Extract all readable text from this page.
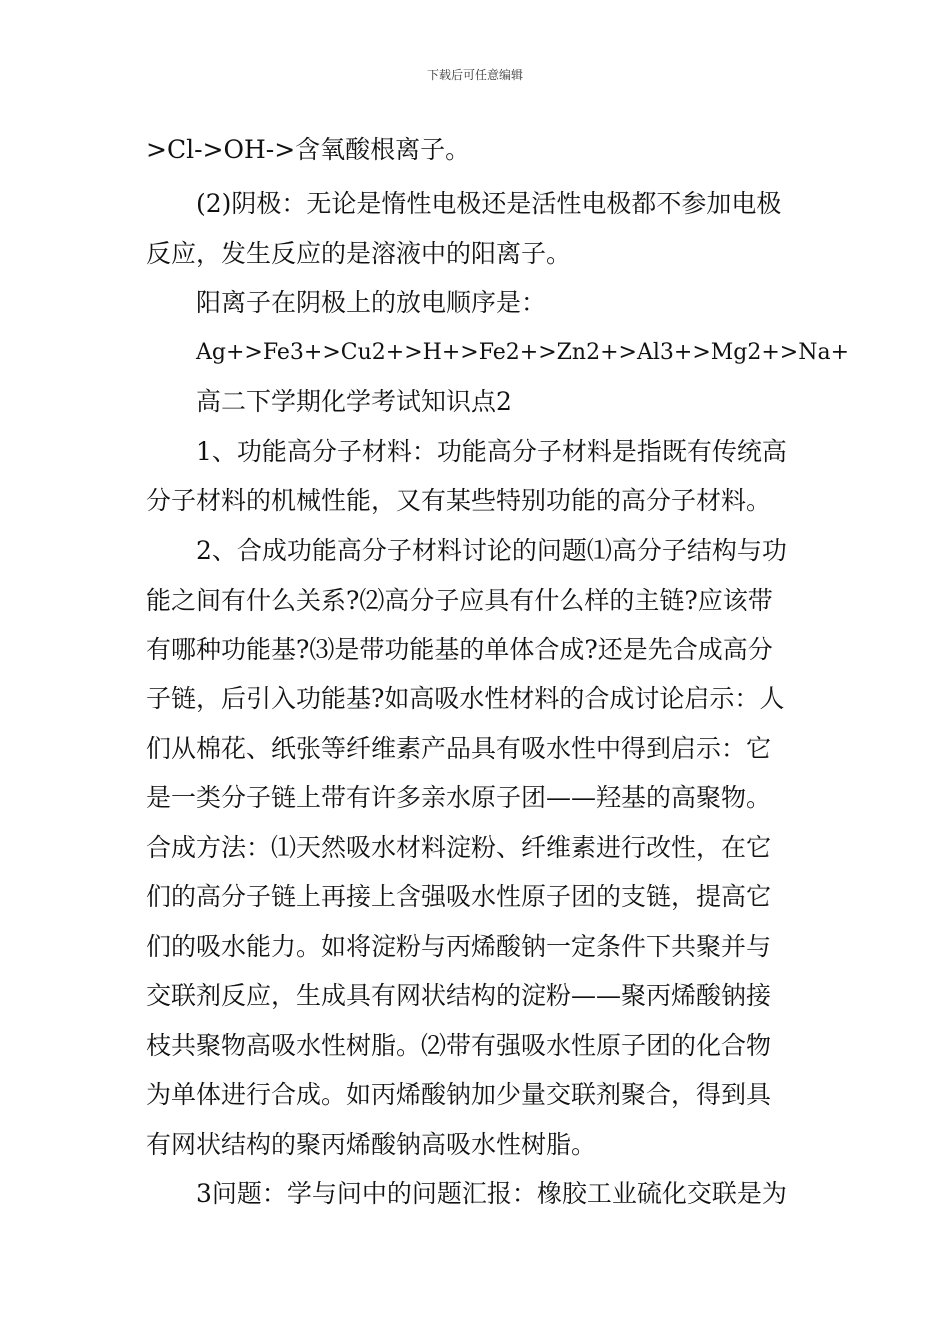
下载后可任意编辑
>Cl->OH->含氧酸根离子。
(2)阴极：无论是惰性电极还是活性电极都不参加电极
反应，发生反应的是溶液中的阳离子。
阳离子在阴极上的放电顺序是：
Ag+>Fe3+>Cu2+>H+>Fe2+>Zn2+>Al3+>Mg2+>Na+
高二下学期化学考试知识点2
1、功能高分子材料：功能高分子材料是指既有传统高
分子材料的机械性能，又有某些特别功能的高分子材料。
2、合成功能高分子材料讨论的问题⑴高分子结构与功
能之间有什么关系?⑵高分子应具有什么样的主链?应该带
有哪种功能基?⑶是带功能基的单体合成?还是先合成高分
子链，后引入功能基?如高吸水性材料的合成讨论启示：人
们从棉花、纸张等纤维素产品具有吸水性中得到启示：它
是一类分子链上带有许多亲水原子团——羟基的高聚物。
合成方法：⑴天然吸水材料淀粉、纤维素进行改性，在它
们的高分子链上再接上含强吸水性原子团的支链，提高它
们的吸水能力。如将淀粉与丙烯酸钠一定条件下共聚并与
交联剂反应，生成具有网状结构的淀粉——聚丙烯酸钠接
枝共聚物高吸水性树脂。⑵带有强吸水性原子团的化合物
为单体进行合成。如丙烯酸钠加少量交联剂聚合，得到具
有网状结构的聚丙烯酸钠高吸水性树脂。
3问题：学与问中的问题汇报：橡胶工业硫化交联是为
